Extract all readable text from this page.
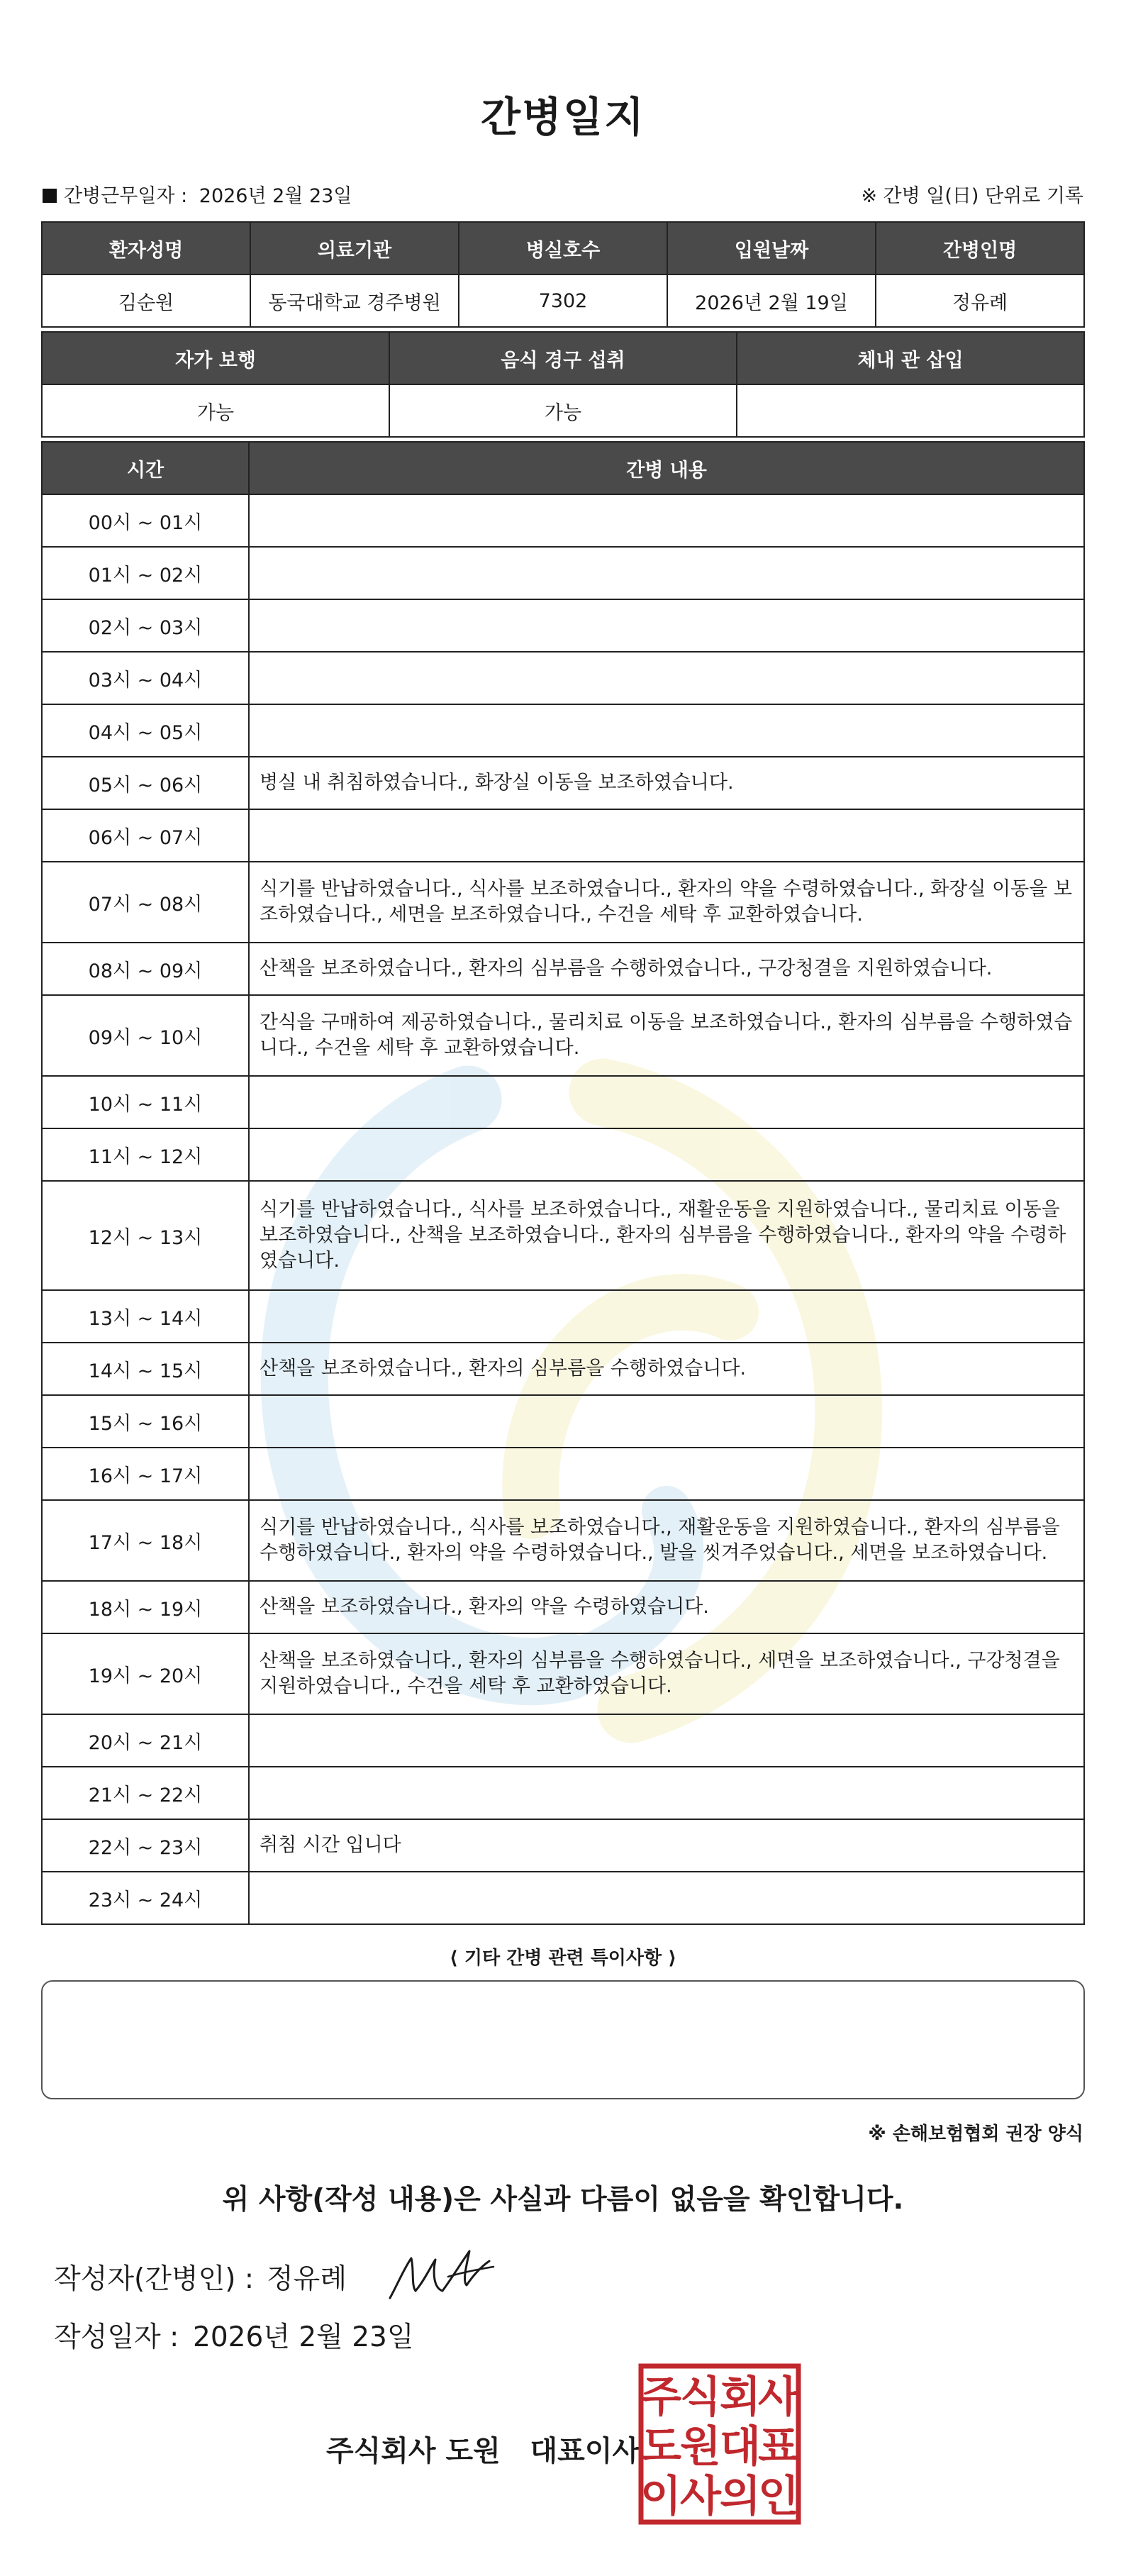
간병일지
간병근무일자 : 2026년 2월 23일	※ 간병 일(日) 단위로 기록
환자성명	의료기관	병실호수	입원날짜	간병인명
김순원	동국대학교 경주병원	7302	2026년 2월 19일	정유례
자가 보행	음식 경구 섭취	체내 관 삽입
가능	가능	
시간	간병 내용
00시 ~ 01시	
01시 ~ 02시	
02시 ~ 03시	
03시 ~ 04시	
04시 ~ 05시	
05시 ~ 06시	병실 내 취침하였습니다., 화장실 이동을 보조하였습니다.
06시 ~ 07시	
07시 ~ 08시	식기를 반납하였습니다., 식사를 보조하였습니다., 환자의 약을 수령하였습니다., 화장실 이동을 보조하였습니다., 세면을 보조하였습니다., 수건을 세탁 후 교환하였습니다.
08시 ~ 09시	산책을 보조하였습니다., 환자의 심부름을 수행하였습니다., 구강청결을 지원하였습니다.
09시 ~ 10시	간식을 구매하여 제공하였습니다., 물리치료 이동을 보조하였습니다., 환자의 심부름을 수행하였습니다., 수건을 세탁 후 교환하였습니다.
10시 ~ 11시	
11시 ~ 12시	
12시 ~ 13시	식기를 반납하였습니다., 식사를 보조하였습니다., 재활운동을 지원하였습니다., 물리치료 이동을 보조하였습니다., 산책을 보조하였습니다., 환자의 심부름을 수행하였습니다., 환자의 약을 수령하였습니다.
13시 ~ 14시	
14시 ~ 15시	산책을 보조하였습니다., 환자의 심부름을 수행하였습니다.
15시 ~ 16시	
16시 ~ 17시	
17시 ~ 18시	식기를 반납하였습니다., 식사를 보조하였습니다., 재활운동을 지원하였습니다., 환자의 심부름을 수행하였습니다., 환자의 약을 수령하였습니다., 발을 씻겨주었습니다., 세면을 보조하였습니다.
18시 ~ 19시	산책을 보조하였습니다., 환자의 약을 수령하였습니다.
19시 ~ 20시	산책을 보조하였습니다., 환자의 심부름을 수행하였습니다., 세면을 보조하였습니다., 구강청결을 지원하였습니다., 수건을 세탁 후 교환하였습니다.
20시 ~ 21시	
21시 ~ 22시	
22시 ~ 23시	취침 시간 입니다
23시 ~ 24시	
⟨ 기타 간병 관련 특이사항 ⟩
※ 손해보험협회 권장 양식
위 사항(작성 내용)은 사실과 다름이 없음을 확인합니다.
작성자(간병인) : 정유례
작성일자 : 2026년 2월 23일
주식회사 도원   대표이사
주
식
회
사
도
원
대
표
이
사
의
인
